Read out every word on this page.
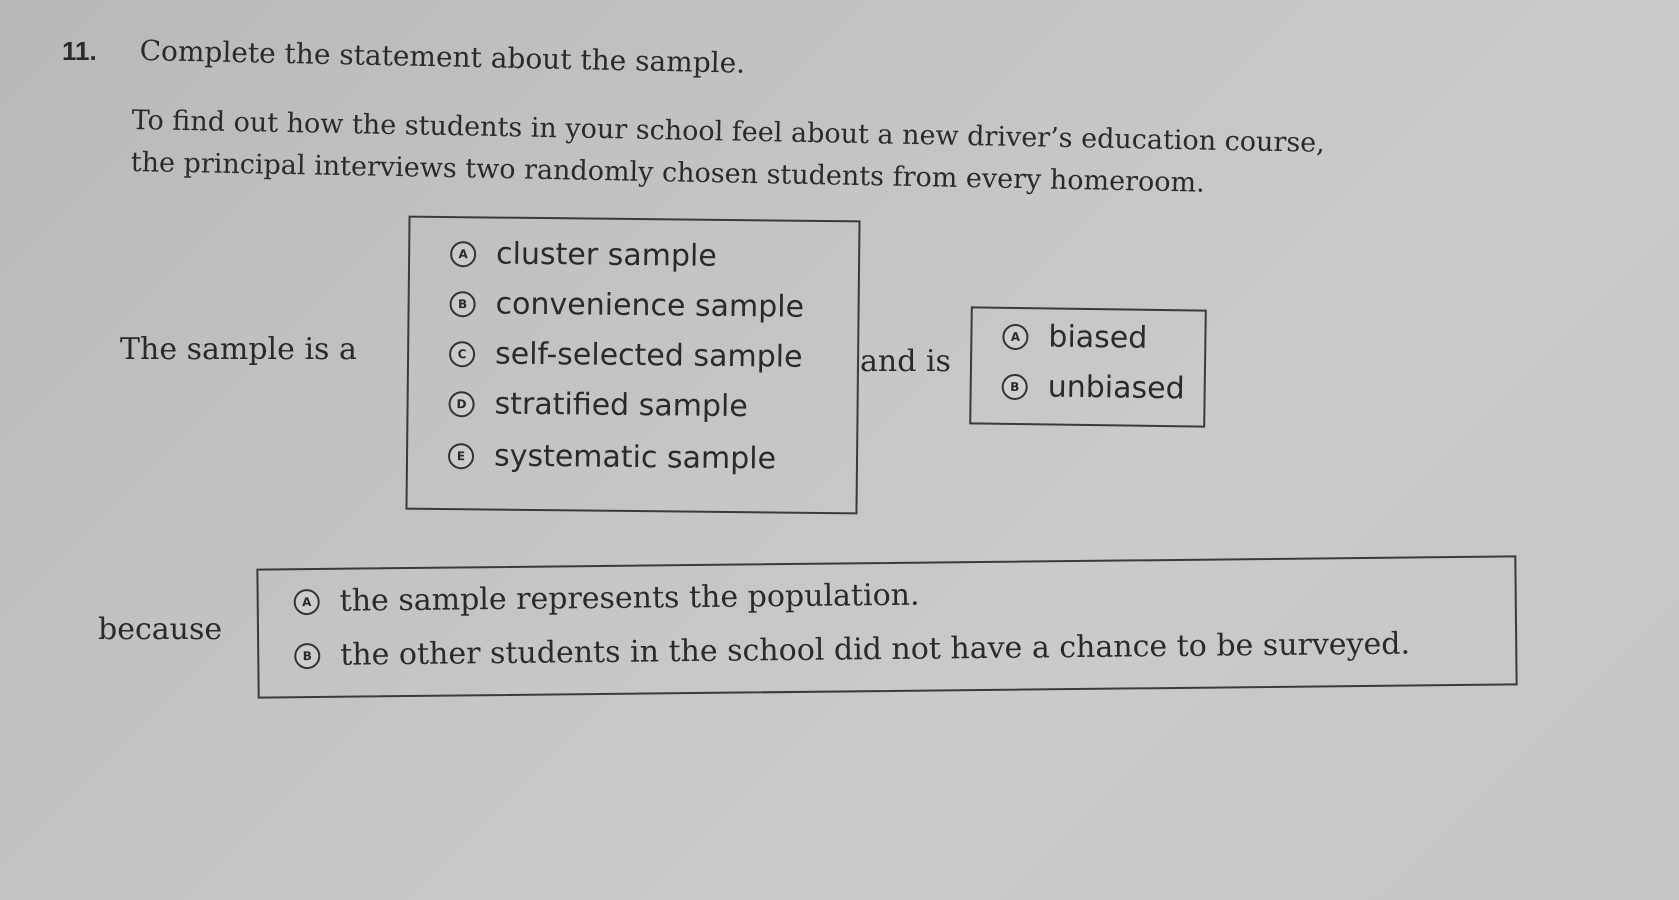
11. Complete the statement about the sample.
To find out how the students in your school feel about a new driver’s education course,
the principal interviews two randomly chosen students from every homeroom.
The sample is a
A cluster sample
B convenience sample
C self-selected sample
D stratified sample
E systematic sample
and is
A biased
B unbiased
because
A the sample represents the population.
B the other students in the school did not have a chance to be surveyed.
